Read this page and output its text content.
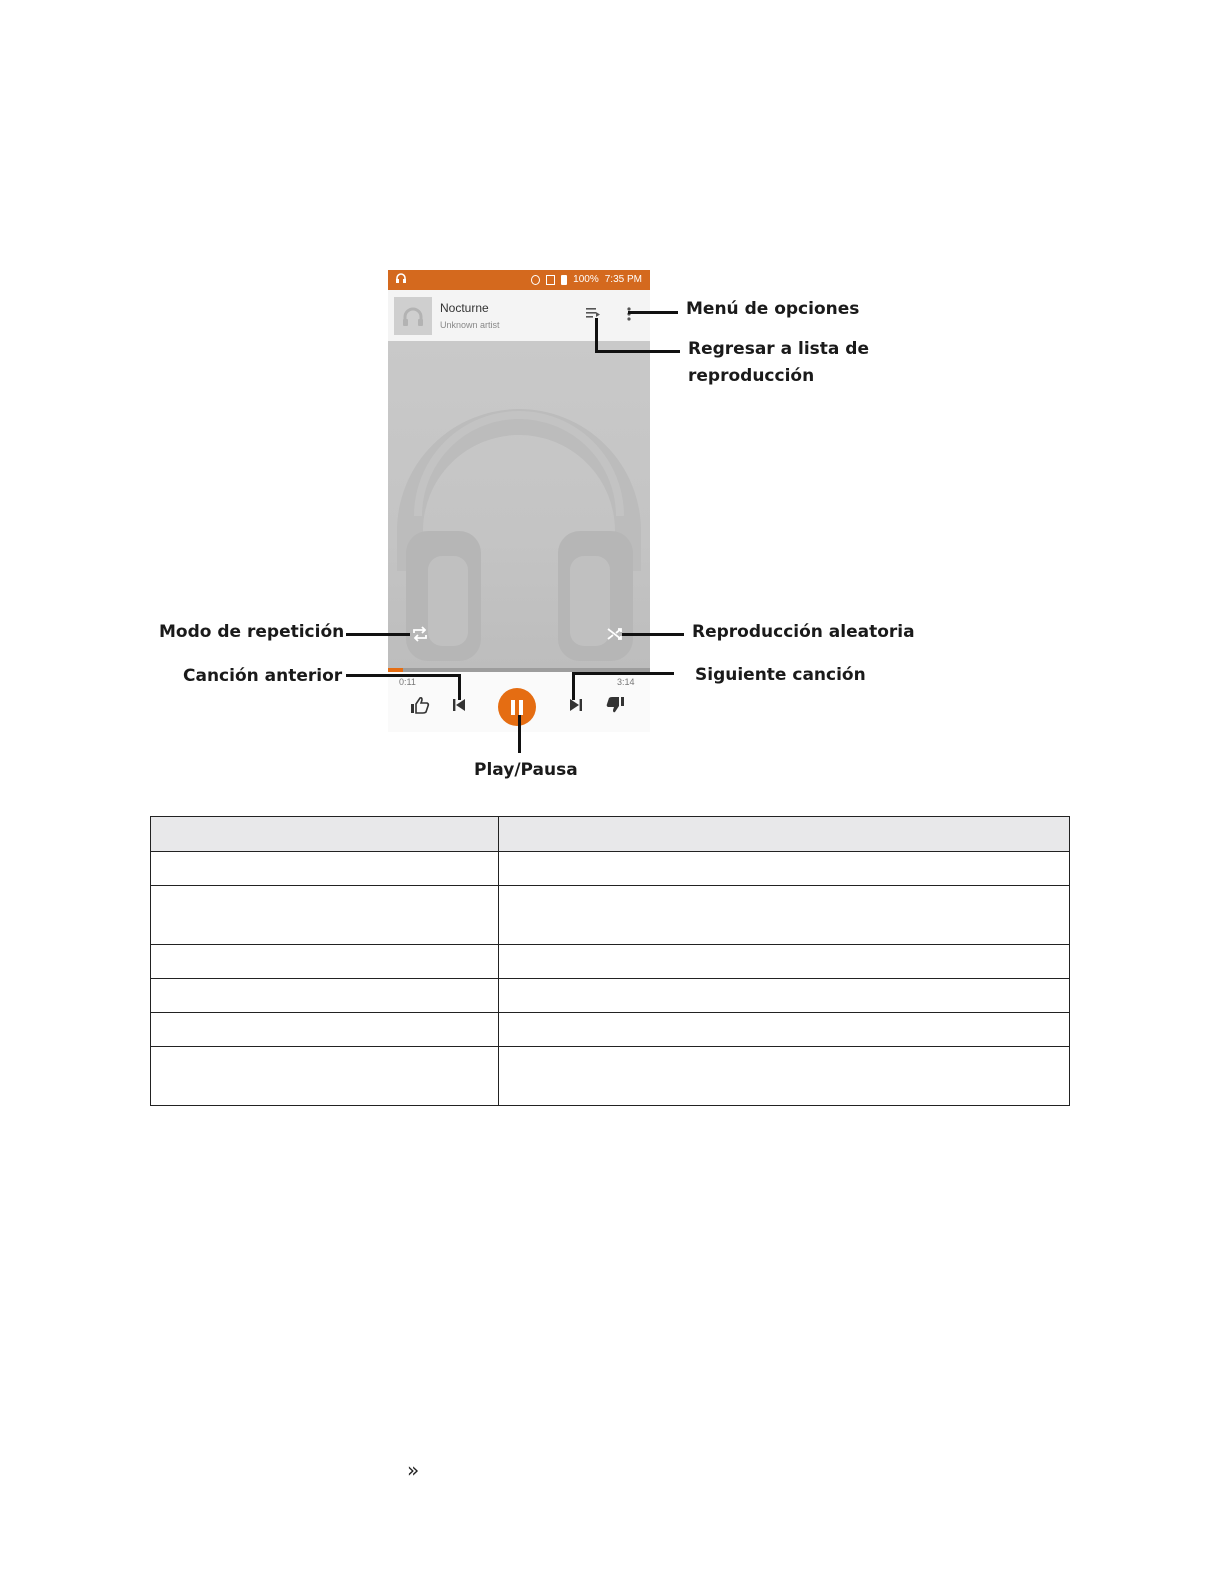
100% 7:35 PM
Nocturne
Unknown artist
0:11	3:14
Menú de opciones
Regresar a lista de
reproducción
Modo de repetición	Reproducción aleatoria
Canción anterior	Siguiente canción
Play/Pausa

»
